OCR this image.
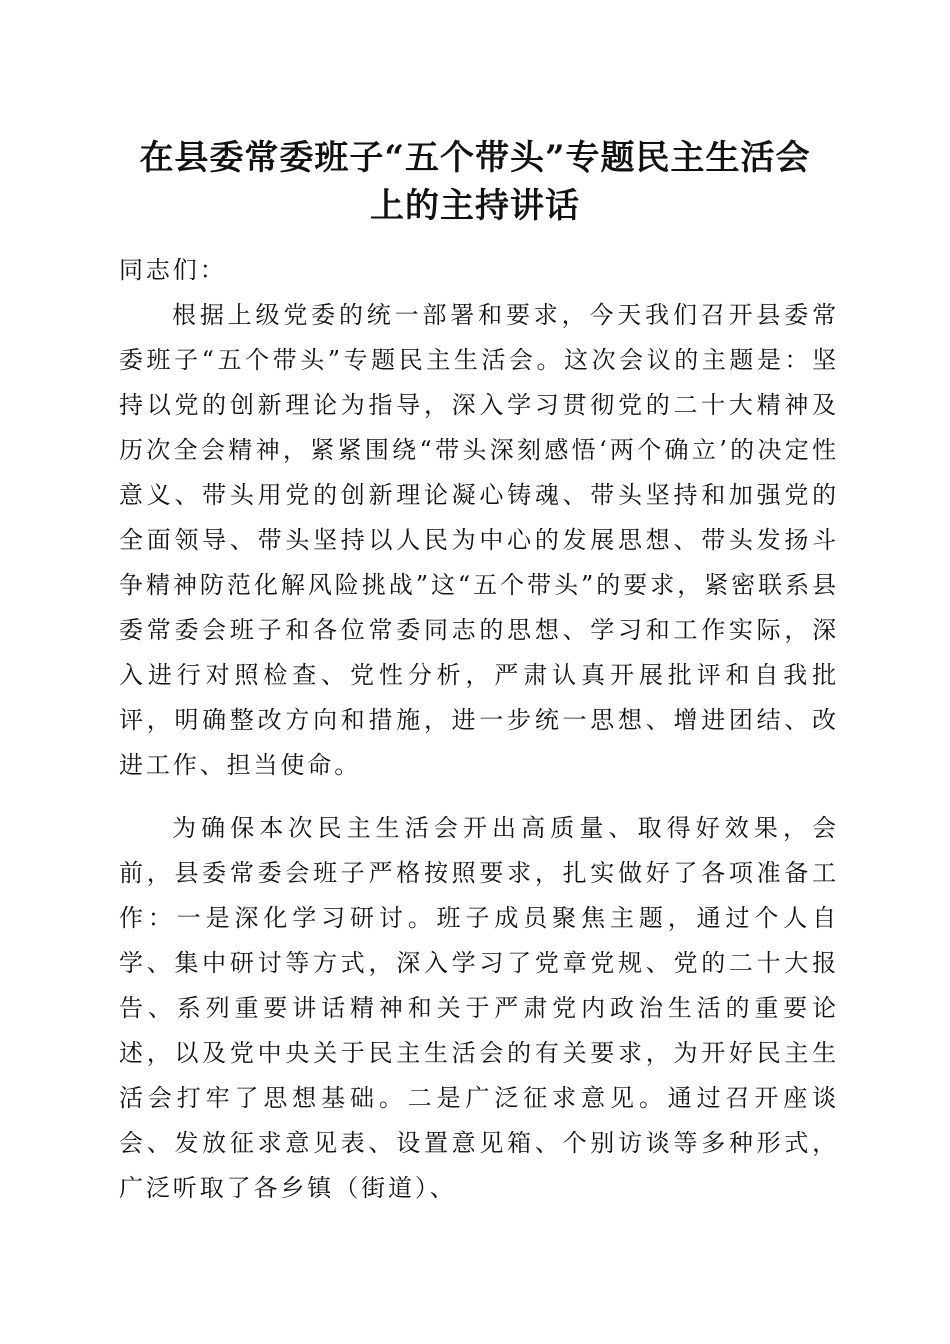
在县委常委班子“五个带头”专题民主生活会
上的主持讲话

同志们：

根据上级党委的统一部署和要求，今天我们召开县委常委班子“五个带头”专题民主生活会。这次会议的主题是：坚持以党的创新理论为指导，深入学习贯彻党的二十大精神及历次全会精神，紧紧围绕“带头深刻感悟‘两个确立’的决定性意义、带头用党的创新理论凝心铸魂、带头坚持和加强党的全面领导、带头坚持以人民为中心的发展思想、带头发扬斗争精神防范化解风险挑战”这“五个带头”的要求，紧密联系县委常委会班子和各位常委同志的思想、学习和工作实际，深入进行对照检查、党性分析，严肃认真开展批评和自我批评，明确整改方向和措施，进一步统一思想、增进团结、改进工作、担当使命。

为确保本次民主生活会开出高质量、取得好效果，会前，县委常委会班子严格按照要求，扎实做好了各项准备工作：一是深化学习研讨。班子成员聚焦主题，通过个人自学、集中研讨等方式，深入学习了党章党规、党的二十大报告、系列重要讲话精神和关于严肃党内政治生活的重要论述，以及党中央关于民主生活会的有关要求，为开好民主生活会打牢了思想基础。二是广泛征求意见。通过召开座谈会、发放征求意见表、设置意见箱、个别访谈等多种形式，广泛听取了各乡镇（街道）、
